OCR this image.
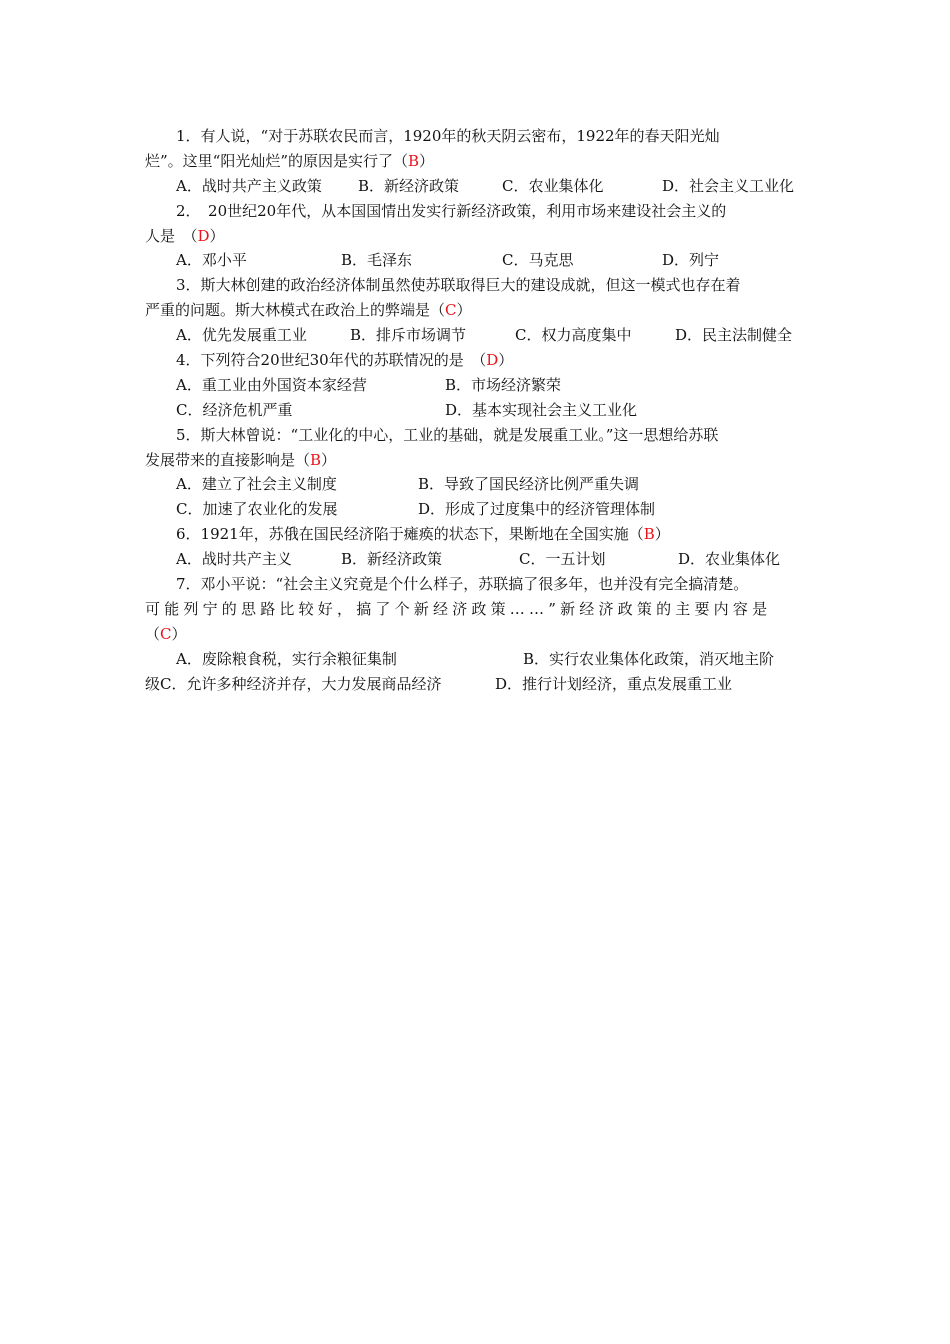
1．有人说，“对于苏联农民而言，1920年的秋天阴云密布，1922年的春天阳光灿
烂”。这里“阳光灿烂”的原因是实行了（B）
A．战时共产主义政策 B．新经济政策	C．农业集体化	D．社会主义工业化
2．　20世纪20年代，从本国国情出发实行新经济政策，利用市场来建设社会主义的
人是　（D）
A．邓小平	B．毛泽东	C．马克思	D．列宁
3．斯大林创建的政治经济体制虽然使苏联取得巨大的建设成就，但这一模式也存在着
严重的问题。斯大林模式在政治上的弊端是（C）
A．优先发展重工业	B．排斥市场调节	C．权力高度集中	D．民主法制健全
4．下列符合20世纪30年代的苏联情况的是　（D）
A．重工业由外国资本家经营	B．市场经济繁荣
C．经济危机严重	D．基本实现社会主义工业化
5．斯大林曾说：“工业化的中心，工业的基础，就是发展重工业。”这一思想给苏联
发展带来的直接影响是（B）
A．建立了社会主义制度	B．导致了国民经济比例严重失调
C．加速了农业化的发展	D．形成了过度集中的经济管理体制
6．1921年，苏俄在国民经济陷于瘫痪的状态下，果断地在全国实施（B）
A．战时共产主义	B．新经济政策	C．一五计划	D．农业集体化
7．邓小平说：“社会主义究竟是个什么样子，苏联搞了很多年，也并没有完全搞清楚。
可能列宁的思路比较好，搞了个新经济政策……”新经济政策的主要内容是
（C）
A．废除粮食税，实行余粮征集制	B．实行农业集体化政策，消灭地主阶
级C．允许多种经济并存，大力发展商品经济	D．推行计划经济，重点发展重工业
